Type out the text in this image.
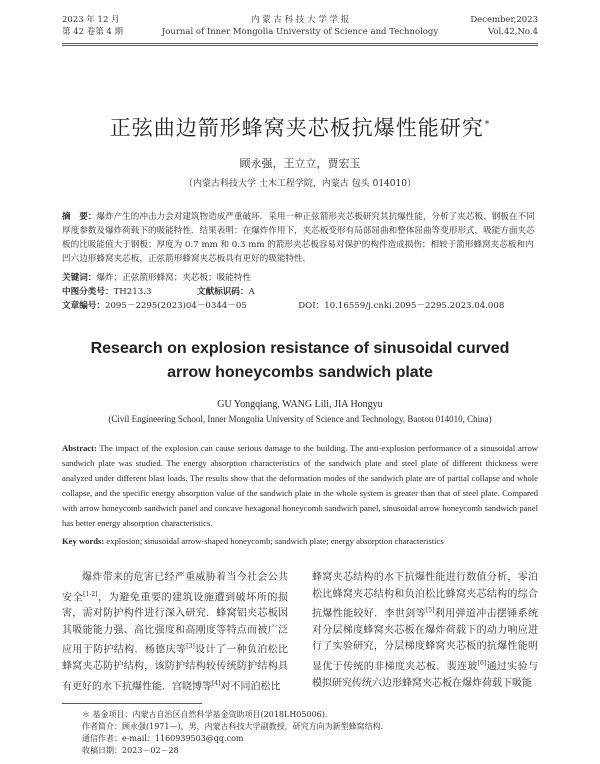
2023 年 12 月
第 42 卷第 4 期
内 蒙 古 科 技 大 学 学 报
Journal of Inner Mongolia University of Science and Technology
December,2023
Vol.42,No.4
正弦曲边箭形蜂窝夹芯板抗爆性能研究*
顾永强，王立立，贾宏玉
（内蒙古科技大学 土木工程学院，内蒙古 包头 014010）
摘　要：爆炸产生的冲击力会对建筑物造成严重破坏．采用一种正弦箭形夹芯板研究其抗爆性能，分析了夹芯板、钢板在不同厚度参数及爆炸荷载下的吸能特性．结果表明：在爆炸作用下，夹芯板变形有局部屈曲和整体屈曲等变形形式，吸能方面夹芯板的比吸能值大于钢板；厚度为 0.7 mm 和 0.3 mm 的箭形夹芯板容易对保护的构件造成损伤；相较于箭形蜂窝夹芯板和内凹六边形蜂窝夹芯板，正弦箭形蜂窝夹芯板具有更好的吸能特性．
关键词：爆炸；正弦箭形蜂窝；夹芯板；吸能特性
中图分类号：TH213.3	文献标识码：A
文章编号：2095－2295(2023)04－0344－05	DOI：10.16559/j.cnki.2095－2295.2023.04.008
Research on explosion resistance of sinusoidal curved
arrow honeycombs sandwich plate
GU Yongqiang, WANG Lili, JIA Hongyu
(Civil Engineering School, Inner Mongolia University of Science and Technology, Baotou 014010, China)
Abstract: The impact of the explosion can cause serious damage to the building. The anti-explosion performance of a sinusoidal arrow sandwich plate was studied. The energy absorption characteristics of the sandwich plate and steel plate of different thickness were analyzed under different blast loads. The results show that the deformation modes of the sandwich plate are of partial collapse and whole collapse, and the specific energy absorption value of the sandwich plate in the whole system is greater than that of steel plate. Compared with arrow honeycomb sandwich panel and concave hexagonal honeycomb sandwich panel, sinusoidal arrow honeycomb sandwich panel has better energy absorption characteristics.
Key words: explosion; sinusoidal arrow-shaped honeycomb; sandwich plate; energy absorption characteristics
爆炸带来的危害已经严重威胁着当今社会公共安全[1-2]，为避免重要的建筑设施遭到破坏所的损害，需对防护构件进行深入研究．蜂窝铝夹芯板因其吸能能力强、高比强度和高刚度等特点而被广泛应用于防护结构．杨德庆等[3]设计了一种负泊松比蜂窝夹芯防护结构，该防护结构较传统防护结构具有更好的水下抗爆性能．宫晓博等[4]对不同泊松比
蜂窝夹芯结构的水下抗爆性能进行数值分析，零泊松比蜂窝夹芯结构和负泊松比蜂窝夹芯结构的综合抗爆性能较好．李世剑等[5]利用弹道冲击摆锤系统对分层梯度蜂窝夹芯板在爆炸荷载下的动力响应进行了实验研究，分层梯度蜂窝夹芯板的抗爆性能明显优于传统的非梯度夹芯板．裴连玻[6]通过实验与模拟研究传统六边形蜂窝夹芯板在爆炸荷载下吸能
＊ 基金项目：内蒙古自治区自然科学基金资助项目(2018LH05006)．
作者简介：顾永强(1971—)，男，内蒙古科技大学副教授，研究方向为新型蜂窝结构．
通信作者：e-mail：1160939503@qq.com
收稿日期：2023－02－28
